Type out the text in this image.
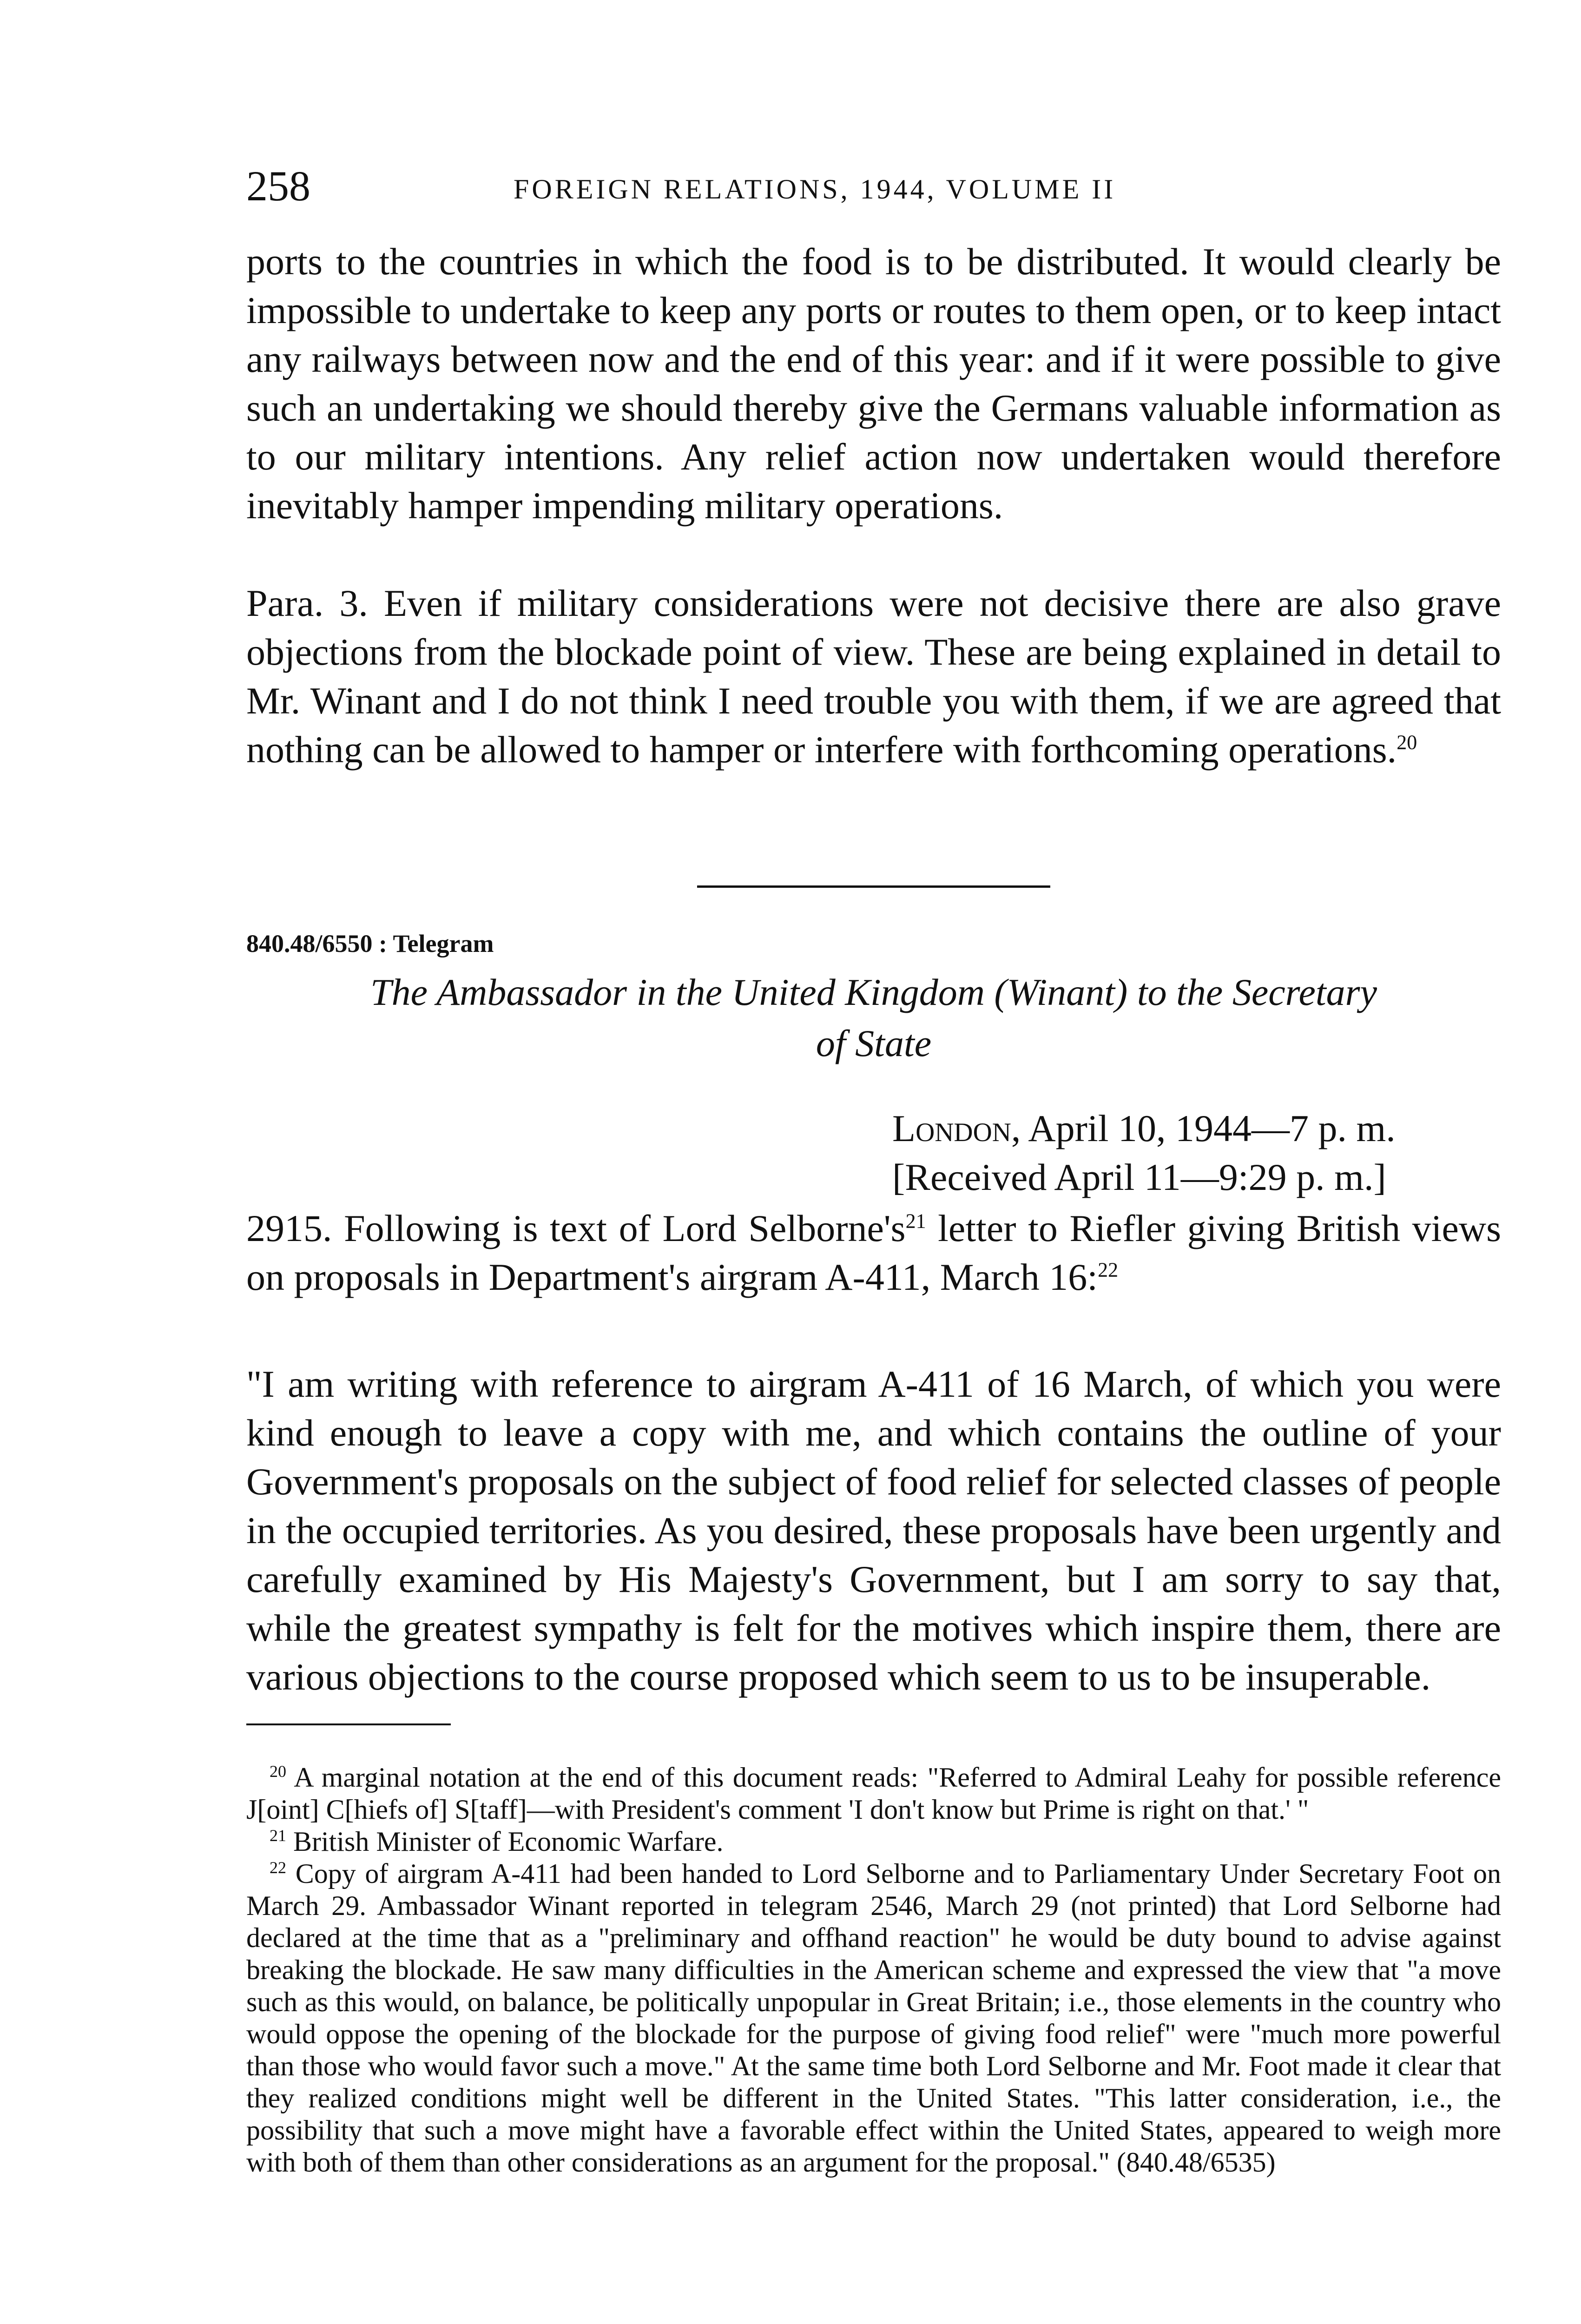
258	FOREIGN RELATIONS, 1944, VOLUME II

ports to the countries in which the food is to be distributed. It would clearly be impossible to undertake to keep any ports or routes to them open, or to keep intact any railways between now and the end of this year: and if it were possible to give such an undertaking we should thereby give the Germans valuable information as to our military intentions. Any relief action now undertaken would therefore inevitably hamper impending military operations.

Para. 3. Even if military considerations were not decisive there are also grave objections from the blockade point of view. These are being explained in detail to Mr. Winant and I do not think I need trouble you with them, if we are agreed that nothing can be allowed to hamper or interfere with forthcoming operations.$^{20}$

840.48/6550 : Telegram
The Ambassador in the United Kingdom (Winant) to the Secretary
of State
London, April 10, 1944—7 p. m.
[Received April 11—9:29 p. m.]

2915. Following is text of Lord Selborne's$^{21}$ letter to Riefler giving British views on proposals in Department's airgram A-411, March 16:$^{22}$

"I am writing with reference to airgram A-411 of 16 March, of which you were kind enough to leave a copy with me, and which contains the outline of your Government's proposals on the subject of food relief for selected classes of people in the occupied territories. As you desired, these proposals have been urgently and carefully examined by His Majesty's Government, but I am sorry to say that, while the greatest sympathy is felt for the motives which inspire them, there are various objections to the course proposed which seem to us to be insuperable.

$^{20}$ A marginal notation at the end of this document reads: "Referred to Admiral Leahy for possible reference J[oint] C[hiefs of] S[taff]—with President's comment 'I don't know but Prime is right on that.' "

$^{21}$ British Minister of Economic Warfare.

$^{22}$ Copy of airgram A-411 had been handed to Lord Selborne and to Parliamentary Under Secretary Foot on March 29. Ambassador Winant reported in telegram 2546, March 29 (not printed) that Lord Selborne had declared at the time that as a "preliminary and offhand reaction" he would be duty bound to advise against breaking the blockade. He saw many difficulties in the American scheme and expressed the view that "a move such as this would, on balance, be politically unpopular in Great Britain; i.e., those elements in the country who would oppose the opening of the blockade for the purpose of giving food relief" were "much more powerful than those who would favor such a move." At the same time both Lord Selborne and Mr. Foot made it clear that they realized conditions might well be different in the United States. "This latter consideration, i.e., the possibility that such a move might have a favorable effect within the United States, appeared to weigh more with both of them than other considerations as an argument for the proposal." (840.48/6535)
